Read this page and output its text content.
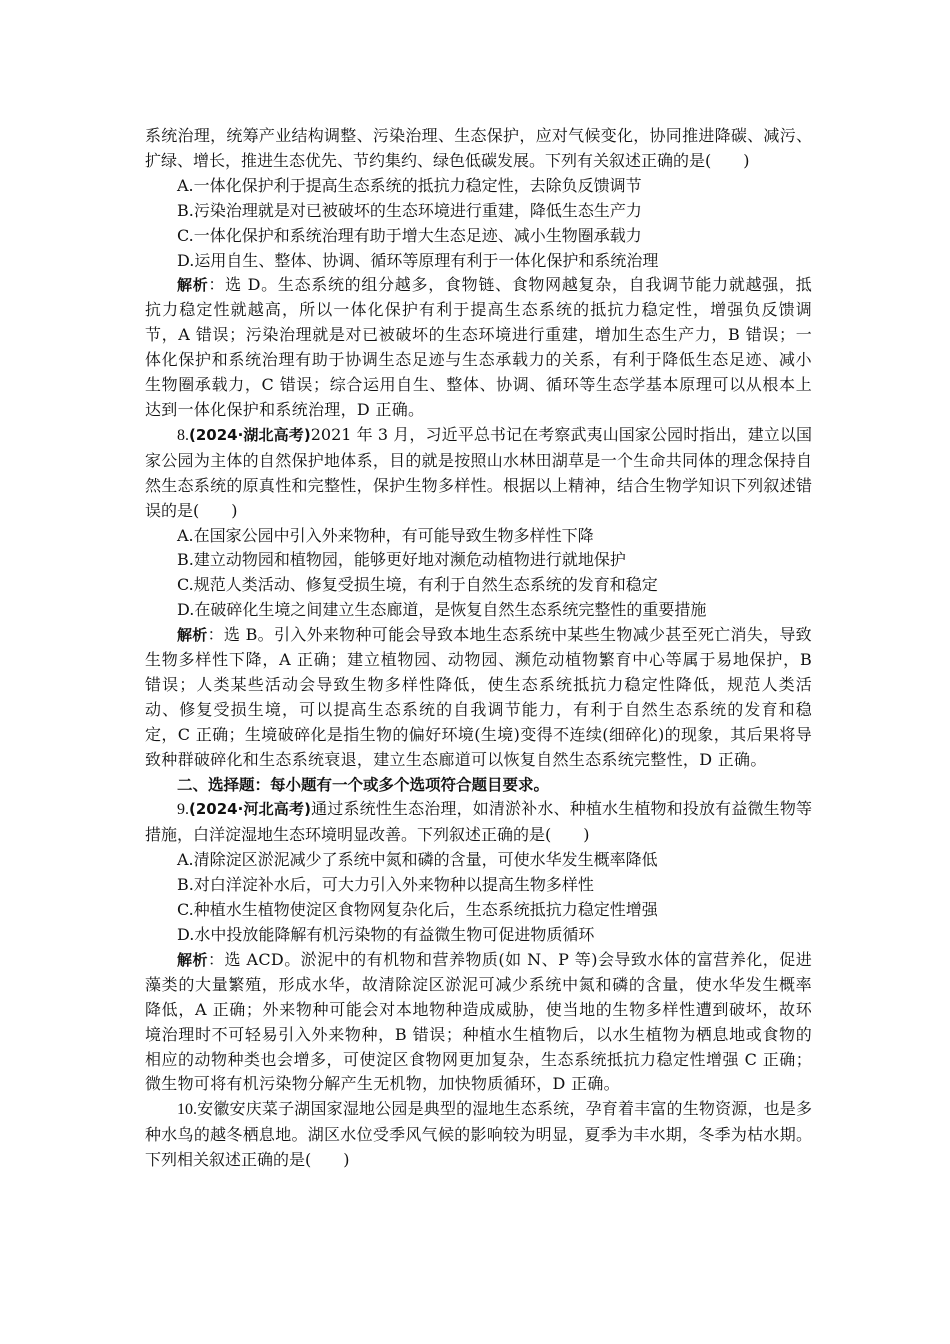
系统治理，统筹产业结构调整、污染治理、生态保护，应对气候变化，协同推进降碳、减污、扩绿、增长，推进生态优先、节约集约、绿色低碳发展。下列有关叙述正确的是(　　)

A.一体化保护利于提高生态系统的抵抗力稳定性，去除负反馈调节

B.污染治理就是对已被破坏的生态环境进行重建，降低生态生产力

C.一体化保护和系统治理有助于增大生态足迹、减小生物圈承载力

D.运用自生、整体、协调、循环等原理有利于一体化保护和系统治理

解析：选 D。生态系统的组分越多，食物链、食物网越复杂，自我调节能力就越强，抵抗力稳定性就越高，所以一体化保护有利于提高生态系统的抵抗力稳定性，增强负反馈调节，A 错误；污染治理就是对已被破坏的生态环境进行重建，增加生态生产力，B 错误；一体化保护和系统治理有助于协调生态足迹与生态承载力的关系，有利于降低生态足迹、减小生物圈承载力，C 错误；综合运用自生、整体、协调、循环等生态学基本原理可以从根本上达到一体化保护和系统治理，D 正确。

8.(2024·湖北高考)2021 年 3 月，习近平总书记在考察武夷山国家公园时指出，建立以国家公园为主体的自然保护地体系，目的就是按照山水林田湖草是一个生命共同体的理念保持自然生态系统的原真性和完整性，保护生物多样性。根据以上精神，结合生物学知识下列叙述错误的是(　　)

A.在国家公园中引入外来物种，有可能导致生物多样性下降

B.建立动物园和植物园，能够更好地对濒危动植物进行就地保护

C.规范人类活动、修复受损生境，有利于自然生态系统的发育和稳定

D.在破碎化生境之间建立生态廊道，是恢复自然生态系统完整性的重要措施

解析：选 B。引入外来物种可能会导致本地生态系统中某些生物减少甚至死亡消失，导致生物多样性下降，A 正确；建立植物园、动物园、濒危动植物繁育中心等属于易地保护，B 错误；人类某些活动会导致生物多样性降低，使生态系统抵抗力稳定性降低，规范人类活动、修复受损生境，可以提高生态系统的自我调节能力，有利于自然生态系统的发育和稳定，C 正确；生境破碎化是指生物的偏好环境(生境)变得不连续(细碎化)的现象，其后果将导致种群破碎化和生态系统衰退，建立生态廊道可以恢复自然生态系统完整性，D 正确。

二、选择题：每小题有一个或多个选项符合题目要求。

9.(2024·河北高考)通过系统性生态治理，如清淤补水、种植水生植物和投放有益微生物等措施，白洋淀湿地生态环境明显改善。下列叙述正确的是(　　)

A.清除淀区淤泥减少了系统中氮和磷的含量，可使水华发生概率降低

B.对白洋淀补水后，可大力引入外来物种以提高生物多样性

C.种植水生植物使淀区食物网复杂化后，生态系统抵抗力稳定性增强

D.水中投放能降解有机污染物的有益微生物可促进物质循环

解析：选 ACD。淤泥中的有机物和营养物质(如 N、P 等)会导致水体的富营养化，促进藻类的大量繁殖，形成水华，故清除淀区淤泥可减少系统中氮和磷的含量，使水华发生概率降低，A 正确；外来物种可能会对本地物种造成威胁，使当地的生物多样性遭到破坏，故环境治理时不可轻易引入外来物种，B 错误；种植水生植物后，以水生植物为栖息地或食物的相应的动物种类也会增多，可使淀区食物网更加复杂，生态系统抵抗力稳定性增强 C 正确；微生物可将有机污染物分解产生无机物，加快物质循环，D 正确。

10.安徽安庆菜子湖国家湿地公园是典型的湿地生态系统，孕育着丰富的生物资源，也是多种水鸟的越冬栖息地。湖区水位受季风气候的影响较为明显，夏季为丰水期，冬季为枯水期。下列相关叙述正确的是(　　)
